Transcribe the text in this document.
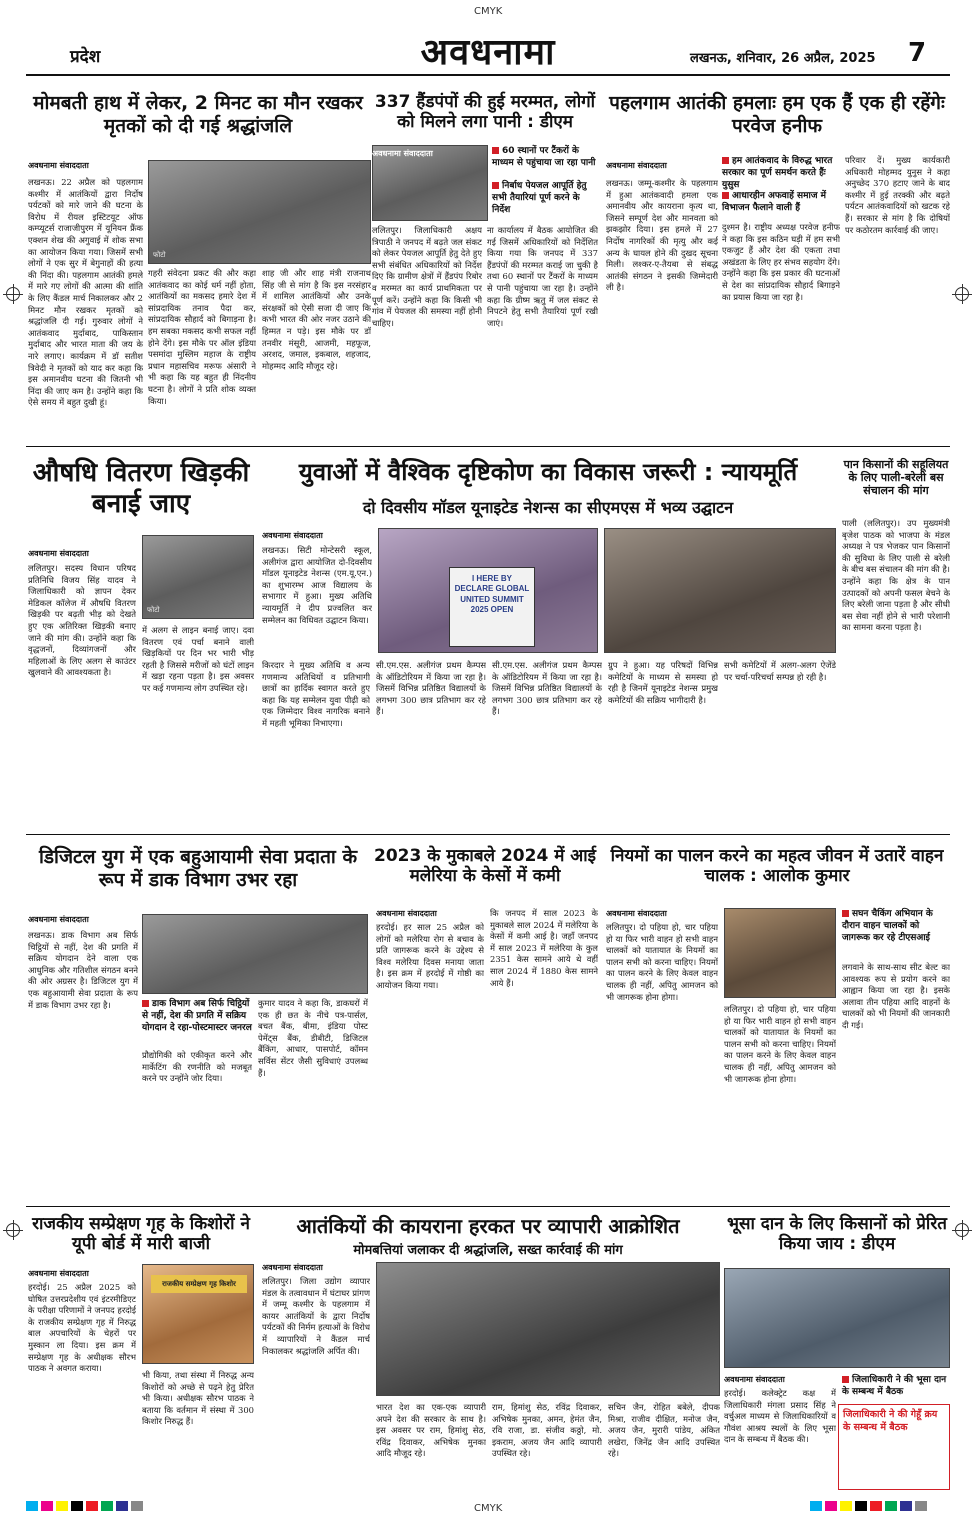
CMYK
CMYK
प्रदेश	अवधनामा	लखनऊ, शनिवार, 26 अप्रैल, 2025 7
मोमबती हाथ में लेकर, 2 मिनट का मौन रखकर मृतकों को दी गई श्रद्धांजलि
अवधनामा संवाददाता
लखनऊ। 22 अप्रैल को पहलगाम कश्मीर में आतंकियों द्वारा निर्दोष पर्यटकों को मारे जाने की घटना के विरोध में रीयल इस्टिटयूट ऑफ कम्प्यूटर्स राजाजीपुरम में यूनियन फ्रैंक एक्शन शेख की अगुवाई में शोक सभा का आयोजन किया गया। जिसमें सभी लोगों ने एक सुर में बेगुनाहों की हत्या की निंदा की। पहलगाम आतंकी हमले में मारे गए लोगों की आत्मा की शांति के लिए कैंडल मार्च निकालकर और 2 मिनट मौन रखकर मृतकों को श्रद्धांजलि दी गई। गुरुवार लोगों ने आतंकवाद मुर्दाबाद, पाकिस्तान मुर्दाबाद और भारत माता की जय के नारे लगाए। कार्यक्रम में डॉ सतीश त्रिवेदी ने मृतकों को याद कर कहा कि इस अमानवीय घटना की जितनी भी निंदा की जाए कम है। उन्होंने कहा कि ऐसे समय में बहुत दुखी हूं।
फोटो
गहरी संवेदना प्रकट की और कहा आतंकवाद का कोई धर्म नहीं होता, आतंकियों का मकसद हमारे देश में सांप्रदायिक तनाव पैदा कर, सांप्रदायिक सौहार्द को बिगाड़ना है। हम सबका मकसद कभी सफल नहीं होने देंगे। इस मौके पर ऑल इंडिया पसमांदा मुस्लिम महाज के राष्ट्रीय प्रधान महासचिव मरूफ अंसारी ने भी कहा कि यह बहुत ही निंदनीय घटना है। लोगों ने प्रति शोक व्यक्त किया।
शाह जी और शाह मंत्री राजनाथ सिंह जी से मांग है कि इस नरसंहार में शामिल आतंकियों और उनके संरक्षकों को ऐसी सजा दी जाए कि कभी भारत की ओर नजर उठाने की हिम्मत न पड़े। इस मौके पर डॉ तनवीर मंसूरी, आजमी, महफूज, अरशद, जमाल, इकबाल, शहजाद, मोहम्मद आदि मौजूद रहे।
337 हैंडपंपों की हुई मरम्मत, लोगों को मिलने लगा पानी : डीएम
अवधनामा संवाददाता	60 स्थानों पर टैंकरों के माध्यम से पहुंचाया जा रहा पानी
निर्बाध पेयजल आपूर्ति हेतु सभी तैयारियां पूर्ण करने के निर्देश
ललितपुर। जिलाधिकारी अक्षय त्रिपाठी ने जनपद में बढ़ते जल संकट को लेकर पेयजल आपूर्ति हेतु देते हुए सभी संबंधित अधिकारियों को निर्देश दिए कि ग्रामीण क्षेत्रों में हैंडपंप रिबोर व मरम्मत का कार्य प्राथमिकता पर पूर्ण करें। उन्होंने कहा कि किसी भी गांव में पेयजल की समस्या नहीं होनी चाहिए।
ना कार्यालय में बैठक आयोजित की गई जिसमें अधिकारियों को निर्देशित किया गया कि जनपद में 337 हैंडपंपों की मरम्मत कराई जा चुकी है तथा 60 स्थानों पर टैंकरों के माध्यम से पानी पहुंचाया जा रहा है। उन्होंने कहा कि ग्रीष्म ऋतु में जल संकट से निपटने हेतु सभी तैयारियां पूर्ण रखी जाएं।
पहलगाम आतंकी हमलाः हम एक हैं एक ही रहेंगेः परवेज हनीफ
अवधनामा संवाददाता	हम आतंकवाद के विरुद्ध भारत सरकार का पूर्ण समर्थन करते हैंः युसुस
आधारहीन अफवाहें समाज में विभाजन फैलाने वाली हैं
लखनऊ। जम्मू-कश्मीर के पहलगाम में हुआ आतंकवादी हमला एक अमानवीय और कायराना कृत्य था, जिसने सम्पूर्ण देश और मानवता को झकझोर दिया। इस हमले में 27 निर्दोष नागरिकों की मृत्यु और कई अन्य के घायल होने की दुखद सूचना मिली। लश्कर-ए-तैयबा से संबद्ध आतंकी संगठन ने इसकी जिम्मेदारी ली है।
दुश्मन है। राष्ट्रीय अध्यक्ष परवेज हनीफ ने कहा कि इस कठिन घड़ी में हम सभी एकजुट हैं और देश की एकता तथा अखंडता के लिए हर संभव सहयोग देंगे। उन्होंने कहा कि इस प्रकार की घटनाओं से देश का सांप्रदायिक सौहार्द बिगाड़ने का प्रयास किया जा रहा है।
परिवार दें। मुख्य कार्यकारी अधिकारी मोहम्मद युनुस ने कहा अनुच्छेद 370 हटाए जाने के बाद कश्मीर में हुई तरक्की और बढ़ते पर्यटन आतंकवादियों को खटक रहे हैं। सरकार से मांग है कि दोषियों पर कठोरतम कार्रवाई की जाए।
औषधि वितरण खिड़की बनाई जाए
अवधनामा संवाददाता
ललितपुर। सदस्य विधान परिषद प्रतिनिधि विजय सिंह यादव ने जिलाधिकारी को ज्ञापन देकर मेडिकल कॉलेज में औषधि वितरण खिड़की पर बढ़ती भीड़ को देखते हुए एक अतिरिक्त खिड़की बनाए जाने की मांग की। उन्होंने कहा कि वृद्धजनों, दिव्यांगजनों और महिलाओं के लिए अलग से काउंटर खुलवाने की आवश्यकता है।
फोटो
में अलग से लाइन बनाई जाए। दवा वितरण एवं पर्चा बनाने वाली खिड़कियों पर दिन भर भारी भीड़ रहती है जिससे मरीजों को घंटों लाइन में खड़ा रहना पड़ता है। इस अवसर पर कई गणमान्य लोग उपस्थित रहे।
युवाओं में वैश्विक दृष्टिकोण का विकास जरूरी : न्यायमूर्ति
दो दिवसीय मॉडल यूनाइटेड नेशन्स का सीएमएस में भव्य उद्घाटन
अवधनामा संवाददाता
लखनऊ। सिटी मोन्टेसरी स्कूल, अलीगंज द्वारा आयोजित दो-दिवसीय मॉडल यूनाइटेड नेशन्स (एम.यू.एन.) का शुभारम्भ आज विद्यालय के सभागार में हुआ। मुख्य अतिथि न्यायमूर्ति ने दीप प्रज्वलित कर सम्मेलन का विधिवत उद्घाटन किया।
I HERE BY DECLARE GLOBAL UNITED SUMMIT 2025 OPEN
किरदार ने मुख्य अतिथि व अन्य गणमान्य अतिथियों व प्रतिभागी छात्रों का हार्दिक स्वागत करते हुए कहा कि यह सम्मेलन युवा पीढ़ी को एक जिम्मेदार विश्व नागरिक बनाने में महती भूमिका निभाएगा।
सी.एम.एस. अलीगंज प्रथम कैम्पस के ऑडिटोरियम में किया जा रहा है। जिसमें विभिन्न प्रतिष्ठित विद्यालयों के लगभग 300 छात्र प्रतिभाग कर रहे हैं।
सी.एम.एस. अलीगंज प्रथम कैम्पस के ऑडिटोरियम में किया जा रहा है। जिसमें विभिन्न प्रतिष्ठित विद्यालयों के लगभग 300 छात्र प्रतिभाग कर रहे हैं।
ग्रुप ने हुआ। यह परिषदों विभिन्न कमेटियों के माध्यम से समस्या हो रही है जिनमें यूनाइटेड नेशन्स प्रमुख कमेटियों की सक्रिय भागीदारी है।
सभी कमेटियों में अलग-अलग ऐजेंडे पर चर्चा-परिचर्चा सम्पन्न हो रही है।
पान किसानों की सहूलियत के लिए पाली-बरेली बस संचालन की मांग
पाली (ललितपुर)। उप मुख्यमंत्री बृजेश पाठक को भाजपा के मंडल अध्यक्ष ने पत्र भेजकर पान किसानों की सुविधा के लिए पाली से बरेली के बीच बस संचालन की मांग की है। उन्होंने कहा कि क्षेत्र के पान उत्पादकों को अपनी फसल बेचने के लिए बरेली जाना पड़ता है और सीधी बस सेवा नहीं होने से भारी परेशानी का सामना करना पड़ता है।
डिजिटल युग में एक बहुआयामी सेवा प्रदाता के रूप में डाक विभाग उभर रहा
अवधनामा संवाददाता
लखनऊ। डाक विभाग अब सिर्फ चिट्ठियों से नहीं, देश की प्रगति में सक्रिय योगदान देने वाला एक आधुनिक और गतिशील संगठन बनने की ओर अग्रसर है। डिजिटल युग में एक बहुआयामी सेवा प्रदाता के रूप में डाक विभाग उभर रहा है।	डाक विभाग अब सिर्फ चिट्ठियों से नहीं, देश की प्रगति में सक्रिय योगदान दे रहा-पोस्टमास्टर जनरल
प्रौद्योगिकी को एकीकृत करने और मार्केटिंग की रणनीति को मजबूत करने पर उन्होंने जोर दिया।
कुमार यादव ने कहा कि, डाकघरों में एक ही छत के नीचे पत्र-पार्सल, बचत बैंक, बीमा, इंडिया पोस्ट पेमेंट्स बैंक, डीबीटी, डिजिटल बैंकिंग, आधार, पासपोर्ट, कॉमन सर्विस सेंटर जैसी सुविधाएं उपलब्ध हैं।
2023 के मुकाबले 2024 में आई मलेरिया के केसों में कमी
अवधनामा संवाददाता
हरदोई। हर साल 25 अप्रैल को लोगों को मलेरिया रोग से बचाव के प्रति जागरूक करने के उद्देश्य से विश्व मलेरिया दिवस मनाया जाता है। इस क्रम में हरदोई में गोष्ठी का आयोजन किया गया।
कि जनपद में साल 2023 के मुकाबले साल 2024 में मलेरिया के केसों में कमी आई है। जहाँ जनपद में साल 2023 में मलेरिया के कुल 2351 केस सामने आये थे वहीं साल 2024 में 1880 केस सामने आये हैं।
नियमों का पालन करने का महत्व जीवन में उतारें वाहन चालक : आलोक कुमार
अवधनामा संवाददाता
ललितपुर। दो पहिया हो, चार पहिया हो या फिर भारी वाहन हो सभी वाहन चालकों को यातायात के नियमों का पालन सभी को करना चाहिए। नियमों का पालन करने के लिए केवल वाहन चालक ही नहीं, अपितु आमजन को भी जागरूक होना होगा।
सघन चैकिंग अभियान के दौरान वाहन चालकों को जागरूक कर रहे टीएसआई
लगवाने के साथ-साथ सीट बेल्ट का आवश्यक रूप से प्रयोग करने का आह्वान किया जा रहा है। इसके अलावा तीन पहिया आदि वाहनों के चालकों को भी नियमों की जानकारी दी गई।
ललितपुर। दो पहिया हो, चार पहिया हो या फिर भारी वाहन हो सभी वाहन चालकों को यातायात के नियमों का पालन सभी को करना चाहिए। नियमों का पालन करने के लिए केवल वाहन चालक ही नहीं, अपितु आमजन को भी जागरूक होना होगा।
राजकीय सम्प्रेक्षण गृह के किशोरों ने यूपी बोर्ड में मारी बाजी
अवधनामा संवाददाता
हरदोई। 25 अप्रैल 2025 को घोषित उत्तरप्रदेशीय एवं इंटरमीडिएट के परीक्षा परिणामों ने जनपद हरदोई के राजकीय सम्प्रेक्षण गृह में निरुद्ध बाल अपचारियों के चेहरों पर मुस्कान ला दिया। इस क्रम में सम्प्रेक्षण गृह के अधीक्षक सौरभ पाठक ने अवगत कराया।
राजकीय सम्प्रेक्षण गृह किशोर
भी किया, तथा संस्था में निरुद्ध अन्य किशोरों को अच्छे से पढ़ने हेतु प्रेरित भी किया। अधीक्षक सौरभ पाठक ने बताया कि वर्तमान में संस्था में 300 किशोर निरुद्ध हैं।
आतंकियों की कायराना हरकत पर व्यापारी आक्रोशित
मोमबत्तियां जलाकर दी श्रद्धांजलि, सख्त कार्रवाई की मांग
अवधनामा संवाददाता
ललितपुर। जिला उद्योग व्यापार मंडल के तत्वावधान में घंटाघर प्रांगण में जम्मू कश्मीर के पहलगाम में कायर आतंकियों के द्वारा निर्दोष पर्यटकों की निर्मम हत्याओं के विरोध में व्यापारियों ने कैंडल मार्च निकालकर श्रद्धांजलि अर्पित की।
भारत देश का एक-एक व्यापारी अपने देश की सरकार के साथ है। इस अवसर पर राम, हिमांशु सेठ, रविंद्र दिवाकर, अभिषेक मुनका आदि मौजूद रहे।
राम, हिमांशु सेठ, रविंद्र दिवाकर, अभिषेक मुनका, अमन, हेमंत जैन, रवि राजा, डा. संजीव कठ्ठो, मो. इकराम, अजय जैन आदि व्यापारी उपस्थित रहे।
सचिन जैन, रोहित बबेले, दीपक मिश्रा, राजीव दीक्षित, मनोज जैन, अजय जैन, मुरारी पांडेय, अंकित लखेरा, जिनेंद्र जैन आदि उपस्थित रहे।
भूसा दान के लिए किसानों को प्रेरित किया जाय : डीएम
अवधनामा संवाददाता	जिलाधिकारी ने की भूसा दान के सम्बन्ध में बैठक
हरदोई। कलेक्ट्रेट कक्ष में जिलाधिकारी मंगला प्रसाद सिंह ने वर्चुअल माध्यम से जिलाधिकारियों व गौवंश आश्रय स्थलों के लिए भूसा दान के सम्बन्ध में बैठक की।
जिलाधिकारी ने की गेहूँ क्रय के सम्बन्ध में बैठक
